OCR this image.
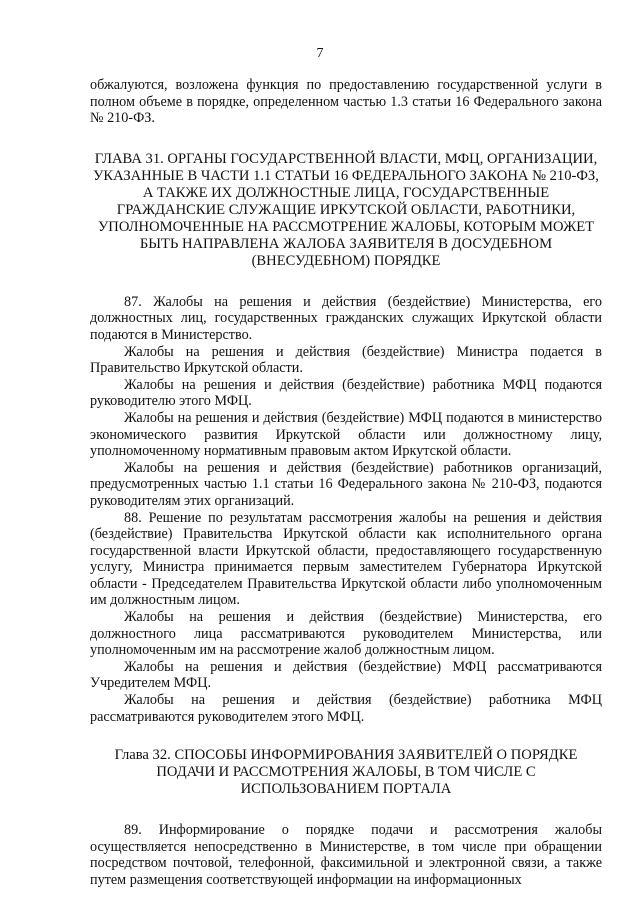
7

обжалуются, возложена функция по предоставлению государственной услуги в полном объеме в порядке, определенном частью 1.3 статьи 16 Федерального закона № 210-ФЗ.

ГЛАВА 31. ОРГАНЫ ГОСУДАРСТВЕННОЙ ВЛАСТИ, МФЦ, ОРГАНИЗАЦИИ, УКАЗАННЫЕ В ЧАСТИ 1.1 СТАТЬИ 16 ФЕДЕРАЛЬНОГО ЗАКОНА № 210-ФЗ, А ТАКЖЕ ИХ ДОЛЖНОСТНЫЕ ЛИЦА, ГОСУДАРСТВЕННЫЕ ГРАЖДАНСКИЕ СЛУЖАЩИЕ ИРКУТСКОЙ ОБЛАСТИ, РАБОТНИКИ, УПОЛНОМОЧЕННЫЕ НА РАССМОТРЕНИЕ ЖАЛОБЫ, КОТОРЫМ МОЖЕТ БЫТЬ НАПРАВЛЕНА ЖАЛОБА ЗАЯВИТЕЛЯ В ДОСУДЕБНОМ (ВНЕСУДЕБНОМ) ПОРЯДКЕ

87. Жалобы на решения и действия (бездействие) Министерства, его должностных лиц, государственных гражданских служащих Иркутской области подаются в Министерство.

Жалобы на решения и действия (бездействие) Министра подается в Правительство Иркутской области.

Жалобы на решения и действия (бездействие) работника МФЦ подаются руководителю этого МФЦ.

Жалобы на решения и действия (бездействие) МФЦ подаются в министерство экономического развития Иркутской области или должностному лицу, уполномоченному нормативным правовым актом Иркутской области.

Жалобы на решения и действия (бездействие) работников организаций, предусмотренных частью 1.1 статьи 16 Федерального закона № 210-ФЗ, подаются руководителям этих организаций.

88. Решение по результатам рассмотрения жалобы на решения и действия (бездействие) Правительства Иркутской области как исполнительного органа государственной власти Иркутской области, предоставляющего государственную услугу, Министра принимается первым заместителем Губернатора Иркутской области - Председателем Правительства Иркутской области либо уполномоченным им должностным лицом.

Жалобы на решения и действия (бездействие) Министерства, его должностного лица рассматриваются руководителем Министерства, или уполномоченным им на рассмотрение жалоб должностным лицом.

Жалобы на решения и действия (бездействие) МФЦ рассматриваются Учредителем МФЦ.

Жалобы на решения и действия (бездействие) работника МФЦ рассматриваются руководителем этого МФЦ.

Глава 32. СПОСОБЫ ИНФОРМИРОВАНИЯ ЗАЯВИТЕЛЕЙ О ПОРЯДКЕ ПОДАЧИ И РАССМОТРЕНИЯ ЖАЛОБЫ, В ТОМ ЧИСЛЕ С ИСПОЛЬЗОВАНИЕМ ПОРТАЛА

89. Информирование о порядке подачи и рассмотрения жалобы осуществляется непосредственно в Министерстве, в том числе при обращении посредством почтовой, телефонной, факсимильной и электронной связи, а также путем размещения соответствующей информации на информационных
